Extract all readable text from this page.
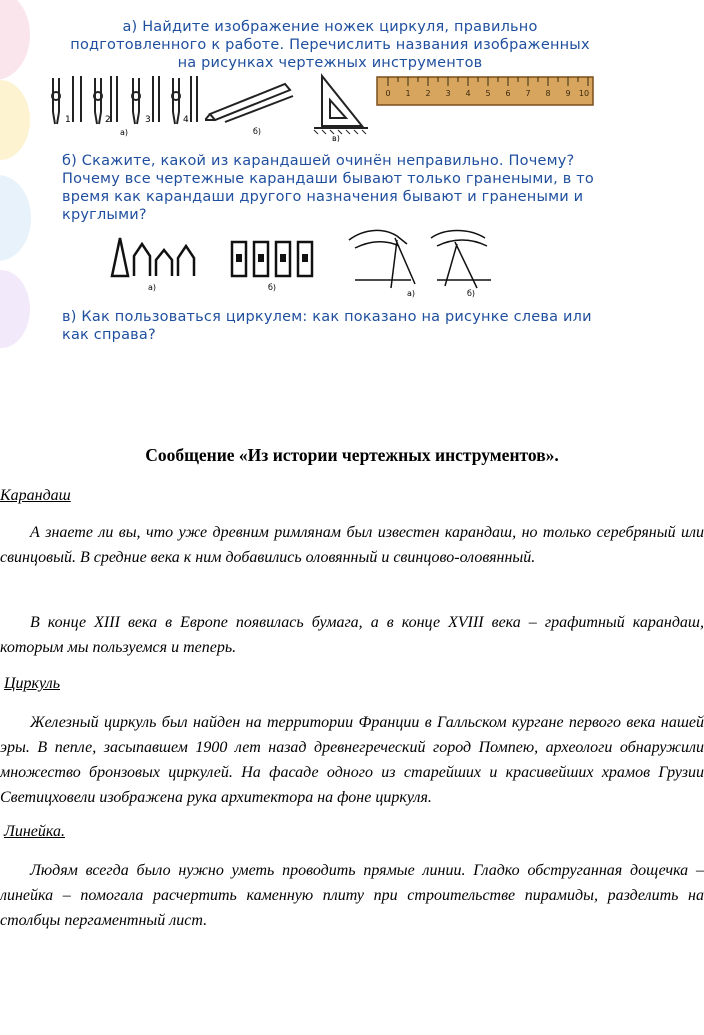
а) Найдите изображение ножек циркуля, правильно подготовленного к работе. Перечислить названия изображенных на рисунках чертежных инструментов
1	2	3	4
а)	б)
в)
0 1 2 3 4 5 6 7 8 9 10
б) Скажите, какой из карандашей очинён неправильно. Почему? Почему все чертежные карандаши бывают только гранеными, в то время как карандаши другого назначения бывают и гранеными и круглыми?
а)	б)
а)	б)
в) Как пользоваться циркулем: как показано на рисунке слева или как справа?
Сообщение «Из истории чертежных инструментов».
Карандаш
А знаете ли вы, что уже древним римлянам был известен карандаш, но только серебряный или свинцовый. В средние века к ним добавились оловянный и свинцово-оловянный.
В конце XIII века в Европе появилась бумага, а в конце XVIII века – графитный карандаш, которым мы пользуемся и теперь.
Циркуль
Железный циркуль был найден на территории Франции в Галльском кургане первого века нашей эры. В пепле, засыпавшем 1900 лет назад древнегреческий город Помпею, археологи обнаружили множество бронзовых циркулей. На фасаде одного из старейших и красивейших храмов Грузии Светицховели изображена рука архитектора на фоне циркуля.
Линейка.
Людям всегда было нужно уметь проводить прямые линии. Гладко обструганная дощечка – линейка – помогала расчертить каменную плиту при строительстве пирамиды, разделить на столбцы пергаментный лист.
